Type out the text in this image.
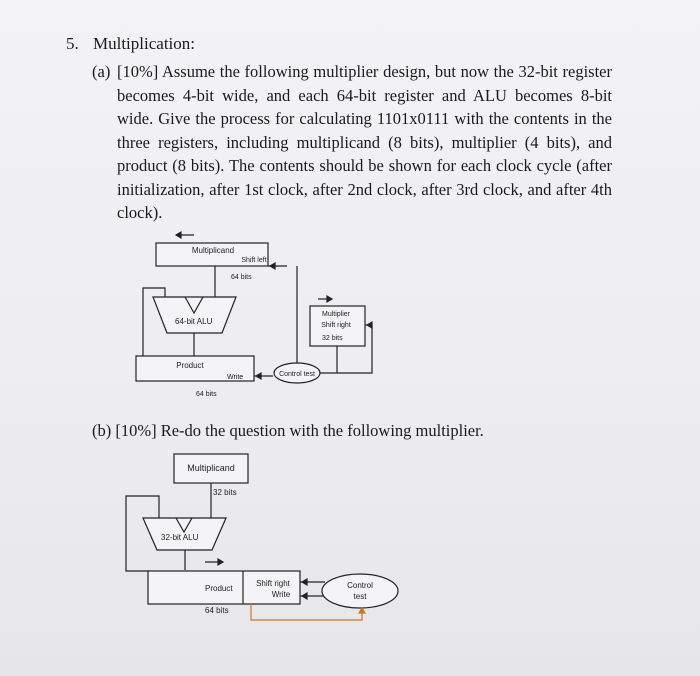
5. Multiplication:
(a) [10%] Assume the following multiplier design, but now the 32-bit register becomes 4-bit wide, and each 64-bit register and ALU becomes 8-bit wide. Give the process for calculating 1101x0111 with the contents in the three registers, including multiplicand (8 bits), multiplier (4 bits), and product (8 bits). The contents should be shown for each clock cycle (after initialization, after 1st clock, after 2nd clock, after 3rd clock, and after 4th clock).
Multiplicand
Shift left
64 bits
64-bit ALU
Multiplier
Shift right
32 bits
Product
Write	Control test
64 bits
(b) [10%] Re-do the question with the following multiplier.
Multiplicand
32 bits
32-bit ALU
Product
Shift right
Write
Control
test
64 bits
